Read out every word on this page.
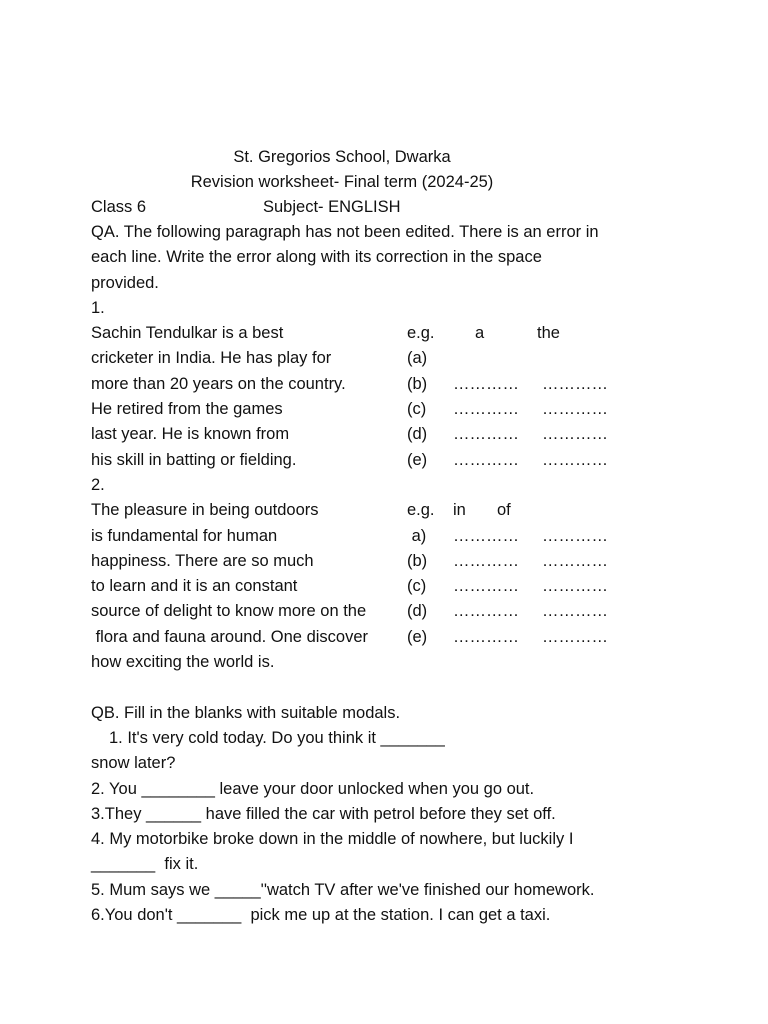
St. Gregorios School, Dwarka
Revision worksheet- Final term (2024-25)
Class 6	Subject- ENGLISH
QA. The following paragraph has not been edited. There is an error in
each line. Write the error along with its correction in the space
provided.
1.
Sachin Tendulkar is a best	e.g. a	the
cricketer in India. He has play for	(a)
more than 20 years on the country.	(b) ………… …………
He retired from the games	(c) ………… …………
last year. He is known from	(d) ………… …………
his skill in batting or fielding.	(e) ………… …………
2.
The pleasure in being outdoors	e.g. in of
is fundamental for human	a) ………… …………
happiness. There are so much	(b) ………… …………
to learn and it is an constant	(c) ………… …………
source of delight to know more on the (d) ………… …………
flora and fauna around. One discover (e) ………… …………
how exciting the world is.
QB. Fill in the blanks with suitable modals.
1. It's very cold today. Do you think it _______
snow later?
2. You ________ leave your door unlocked when you go out.
3.They ______ have filled the car with petrol before they set off.
4. My motorbike broke down in the middle of nowhere, but luckily I
_______  fix it.
5. Mum says we _____''watch TV after we've finished our homework.
6.You don't _______  pick me up at the station. I can get a taxi.
